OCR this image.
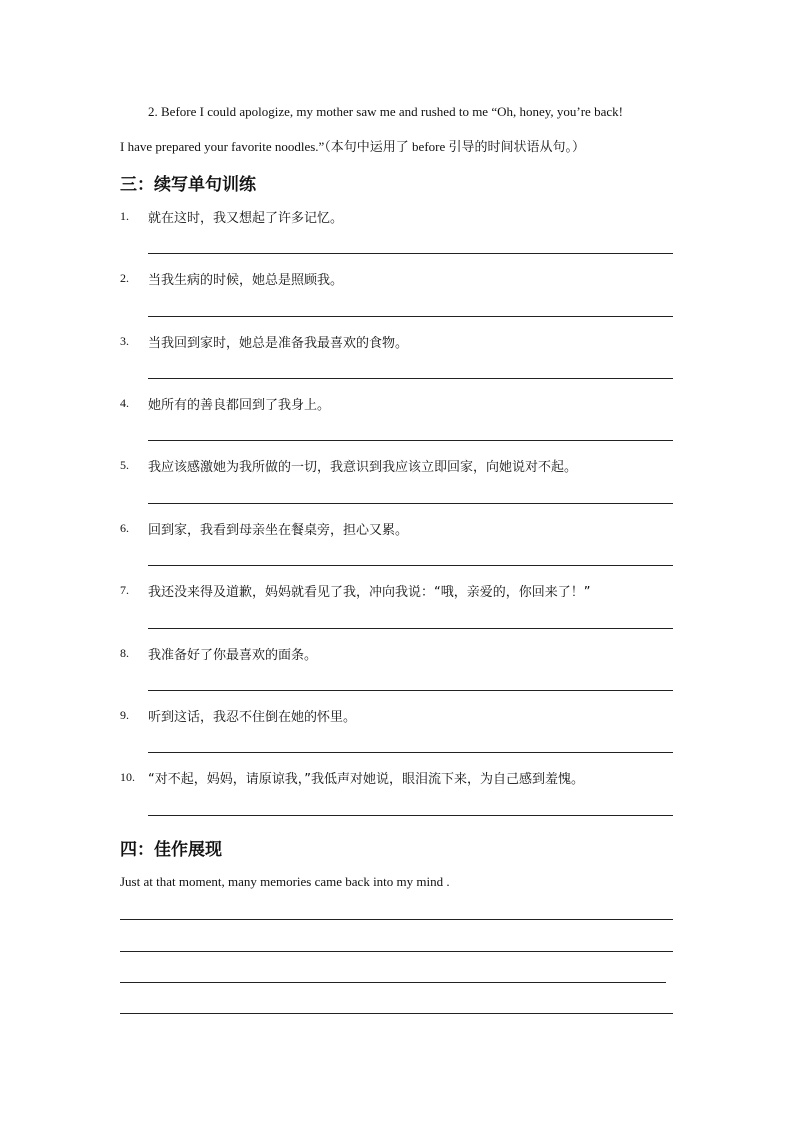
2. Before I could apologize, my mother saw me and rushed to me “Oh, honey, you’re back!
I have prepared your favorite noodles.”（本句中运用了 before 引导的时间状语从句。）
三：续写单句训练
1. 就在这时，我又想起了许多记忆。
2. 当我生病的时候，她总是照顾我。
3. 当我回到家时，她总是准备我最喜欢的食物。
4. 她所有的善良都回到了我身上。
5. 我应该感激她为我所做的一切，我意识到我应该立即回家，向她说对不起。
6. 回到家，我看到母亲坐在餐桌旁，担心又累。
7. 我还没来得及道歉，妈妈就看见了我，冲向我说：“哦，亲爱的，你回来了！”
8. 我准备好了你最喜欢的面条。
9. 听到这话，我忍不住倒在她的怀里。
10. “对不起，妈妈，请原谅我，”我低声对她说，眼泪流下来，为自己感到羞愧。
四：佳作展现
Just at that moment, many memories came back into my mind .
